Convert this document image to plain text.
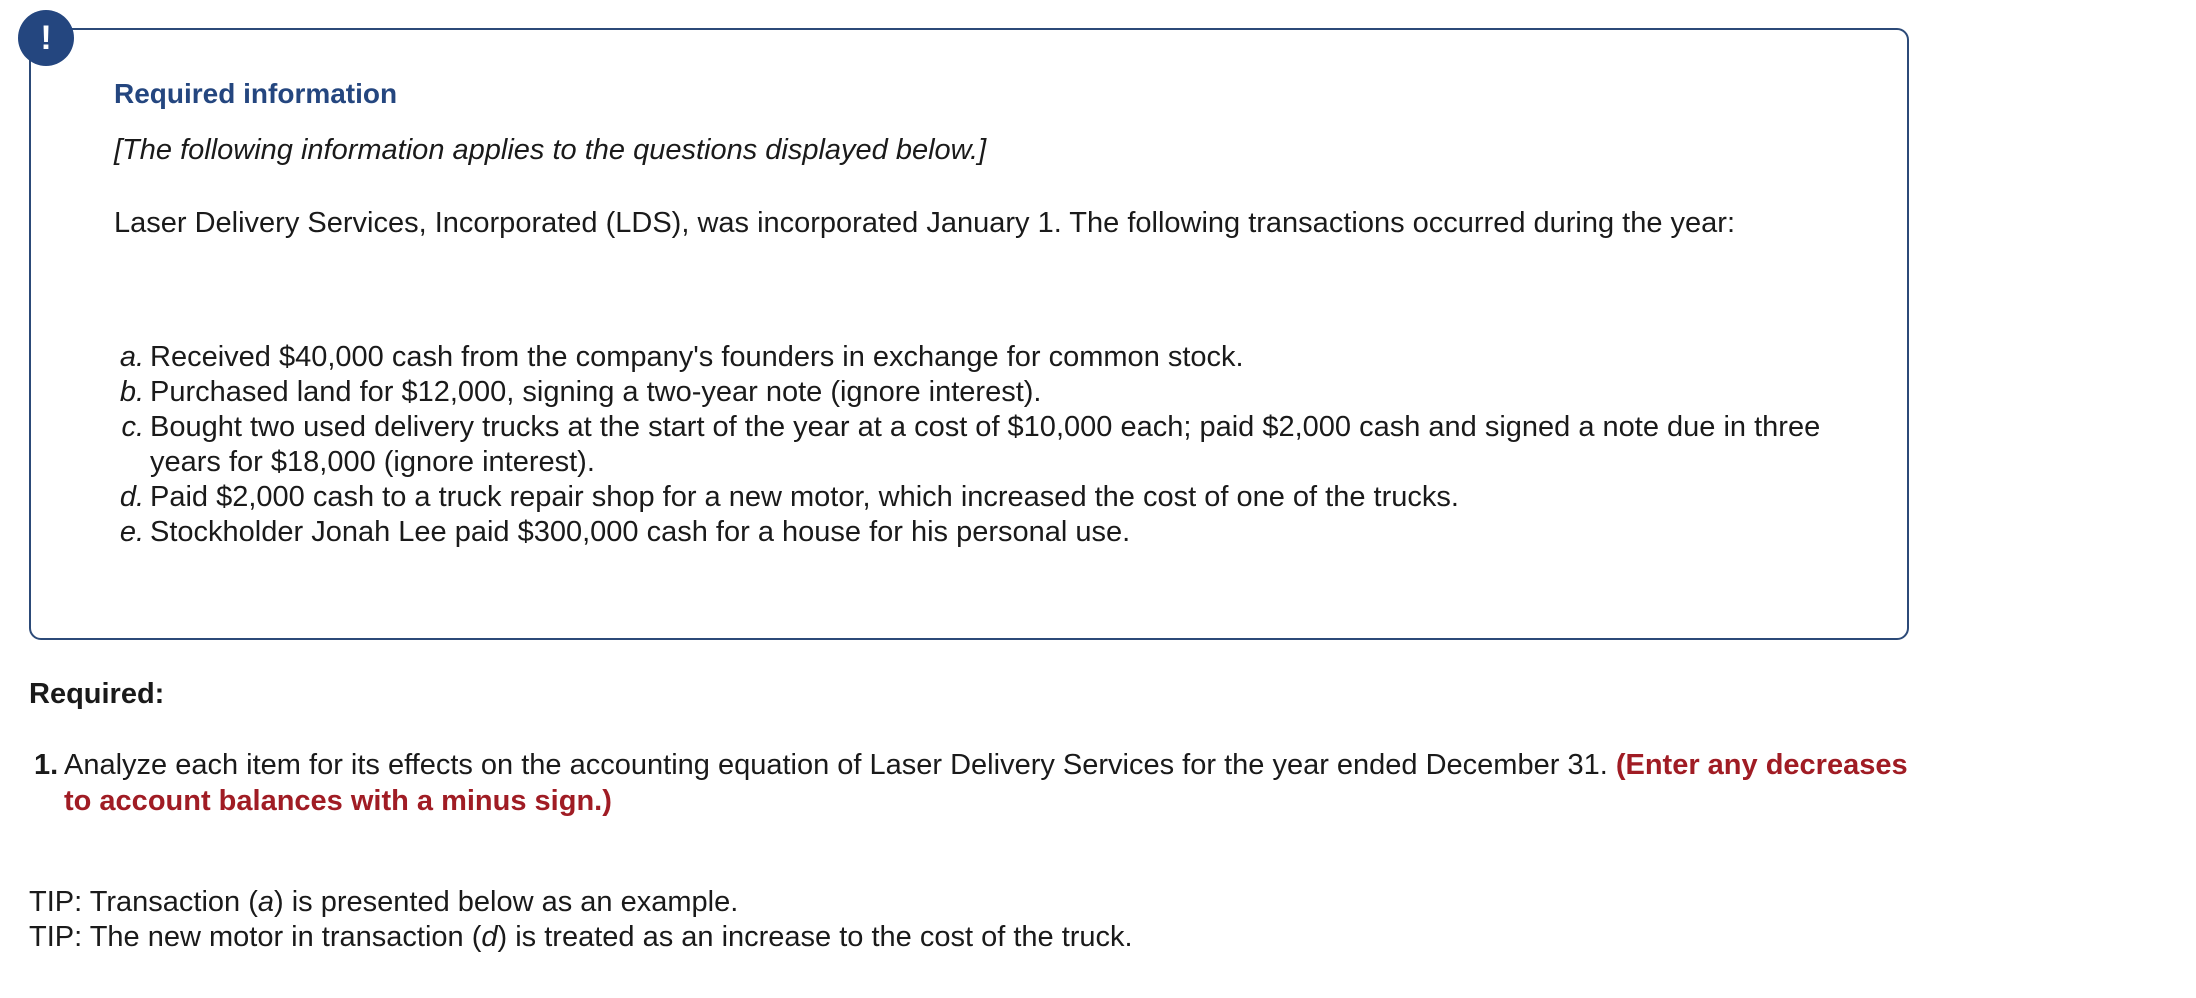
!
Required information

[The following information applies to the questions displayed below.]

Laser Delivery Services, Incorporated (LDS), was incorporated January 1. The following transactions occurred during the year:

a. Received $40,000 cash from the company's founders in exchange for common stock.
b. Purchased land for $12,000, signing a two-year note (ignore interest).
c. Bought two used delivery trucks at the start of the year at a cost of $10,000 each; paid $2,000 cash and signed a note due in three years for $18,000 (ignore interest).
d. Paid $2,000 cash to a truck repair shop for a new motor, which increased the cost of one of the trucks.
e. Stockholder Jonah Lee paid $300,000 cash for a house for his personal use.
Required:
1. Analyze each item for its effects on the accounting equation of Laser Delivery Services for the year ended December 31. (Enter any decreases to account balances with a minus sign.)
TIP: Transaction (a) is presented below as an example.
TIP: The new motor in transaction (d) is treated as an increase to the cost of the truck.
